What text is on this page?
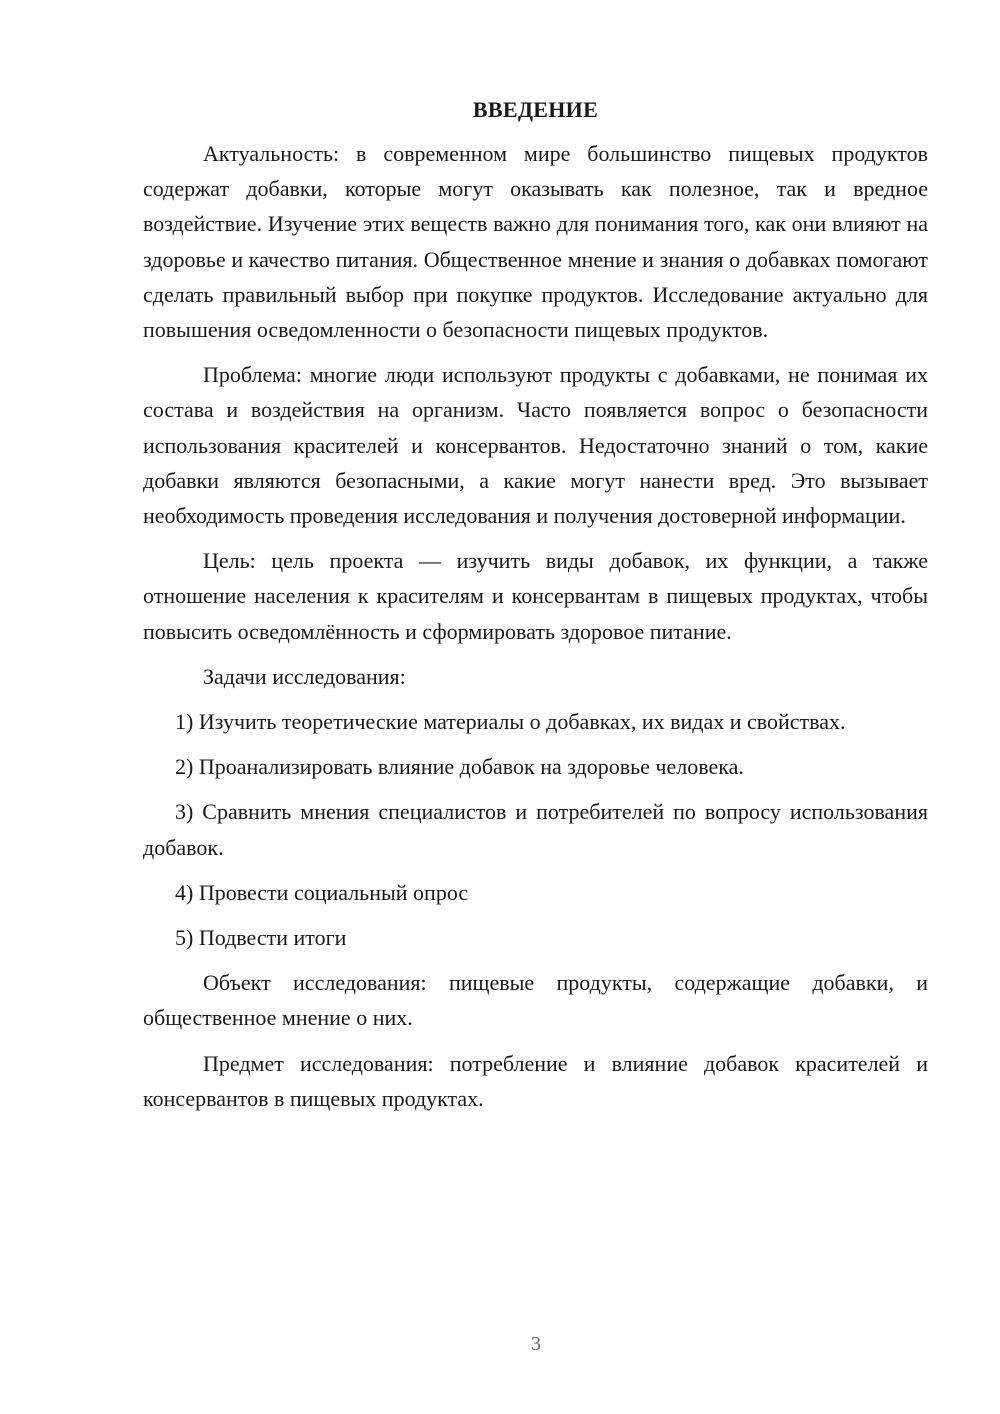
ВВЕДЕНИЕ

Актуальность: в современном мире большинство пищевых продуктов содержат добавки, которые могут оказывать как полезное, так и вредное воздействие. Изучение этих веществ важно для понимания того, как они влияют на здоровье и качество питания. Общественное мнение и знания о добавках помогают сделать правильный выбор при покупке продуктов. Исследование актуально для повышения осведомленности о безопасности пищевых продуктов.

Проблема: многие люди используют продукты с добавками, не понимая их состава и воздействия на организм. Часто появляется вопрос о безопасности использования красителей и консервантов. Недостаточно знаний о том, какие добавки являются безопасными, а какие могут нанести вред. Это вызывает необходимость проведения исследования и получения достоверной информации.

Цель: цель проекта — изучить виды добавок, их функции, а также отношение населения к красителям и консервантам в пищевых продуктах, чтобы повысить осведомлённость и сформировать здоровое питание.

Задачи исследования:

1) Изучить теоретические материалы о добавках, их видах и свойствах.

2) Проанализировать влияние добавок на здоровье человека.

3) Сравнить мнения специалистов и потребителей по вопросу использования добавок.

4) Провести социальный опрос

5) Подвести итоги

Объект исследования: пищевые продукты, содержащие добавки, и общественное мнение о них.

Предмет исследования: потребление и влияние добавок красителей и консервантов в пищевых продуктах.

3
